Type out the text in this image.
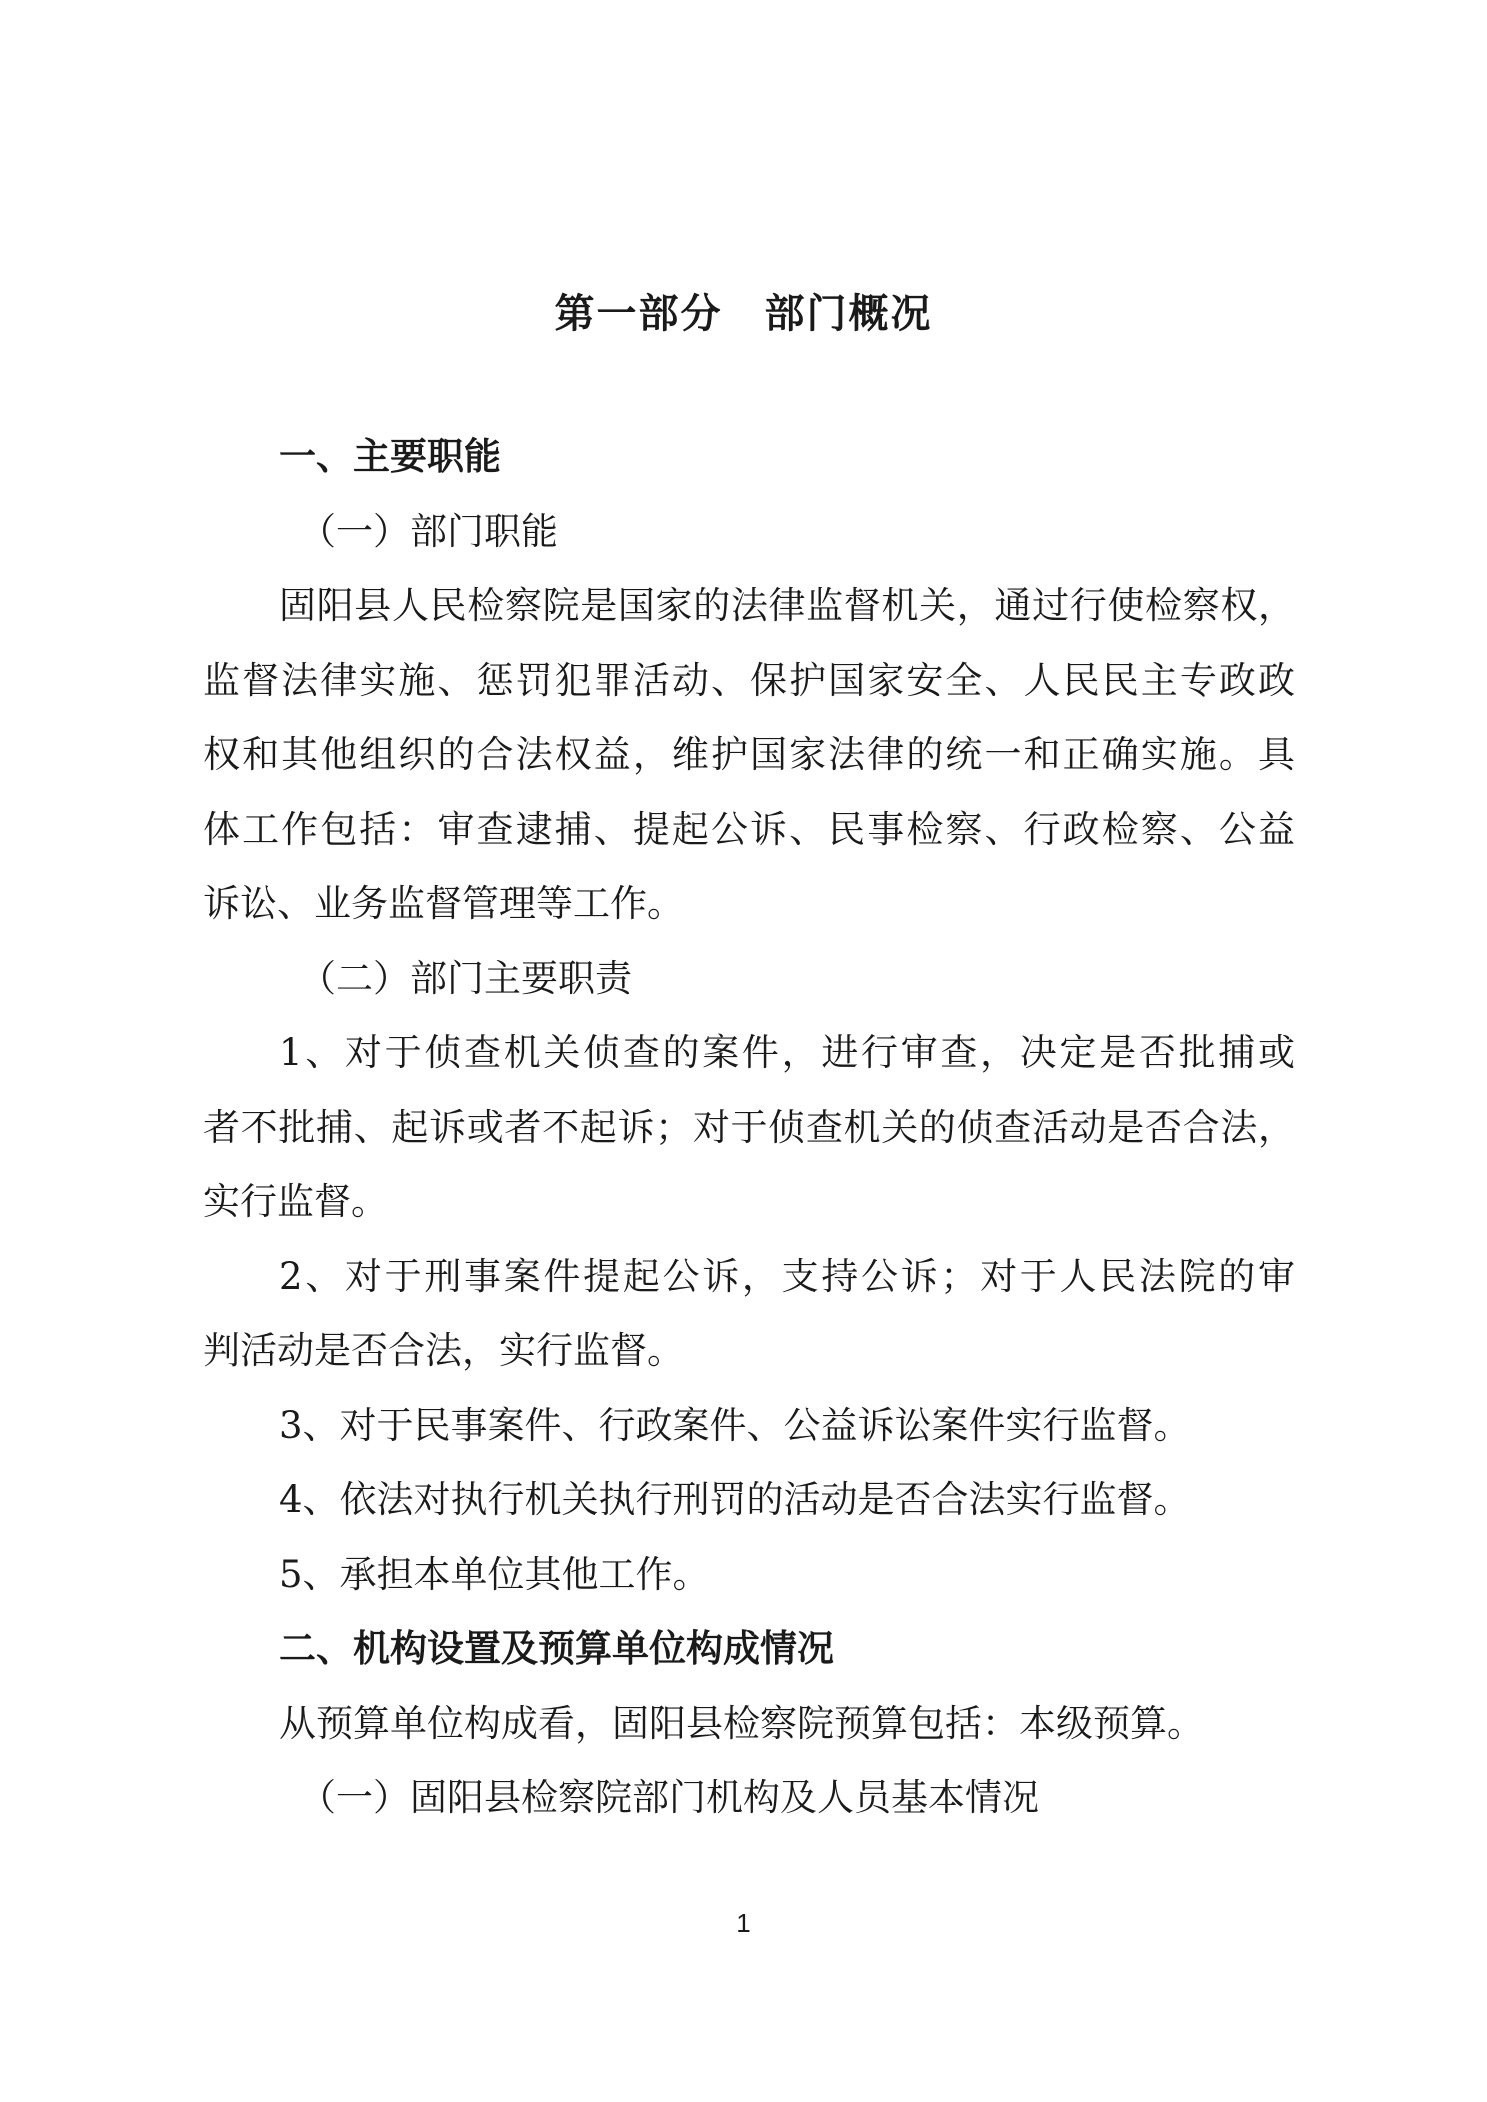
第一部分 部门概况

一、主要职能

（一）部门职能

固阳县人民检察院是国家的法律监督机关，通过行使检察权，

监督法律实施、惩罚犯罪活动、保护国家安全、人民民主专政政

权和其他组织的合法权益，维护国家法律的统一和正确实施。具

体工作包括：审查逮捕、提起公诉、民事检察、行政检察、公益

诉讼、业务监督管理等工作。

（二）部门主要职责

1、对于侦查机关侦查的案件，进行审查，决定是否批捕或

者不批捕、起诉或者不起诉；对于侦查机关的侦查活动是否合法，

实行监督。

2、对于刑事案件提起公诉，支持公诉；对于人民法院的审

判活动是否合法，实行监督。

3、对于民事案件、行政案件、公益诉讼案件实行监督。

4、依法对执行机关执行刑罚的活动是否合法实行监督。

5、承担本单位其他工作。

二、机构设置及预算单位构成情况

从预算单位构成看，固阳县检察院预算包括：本级预算。

（一）固阳县检察院部门机构及人员基本情况

1
